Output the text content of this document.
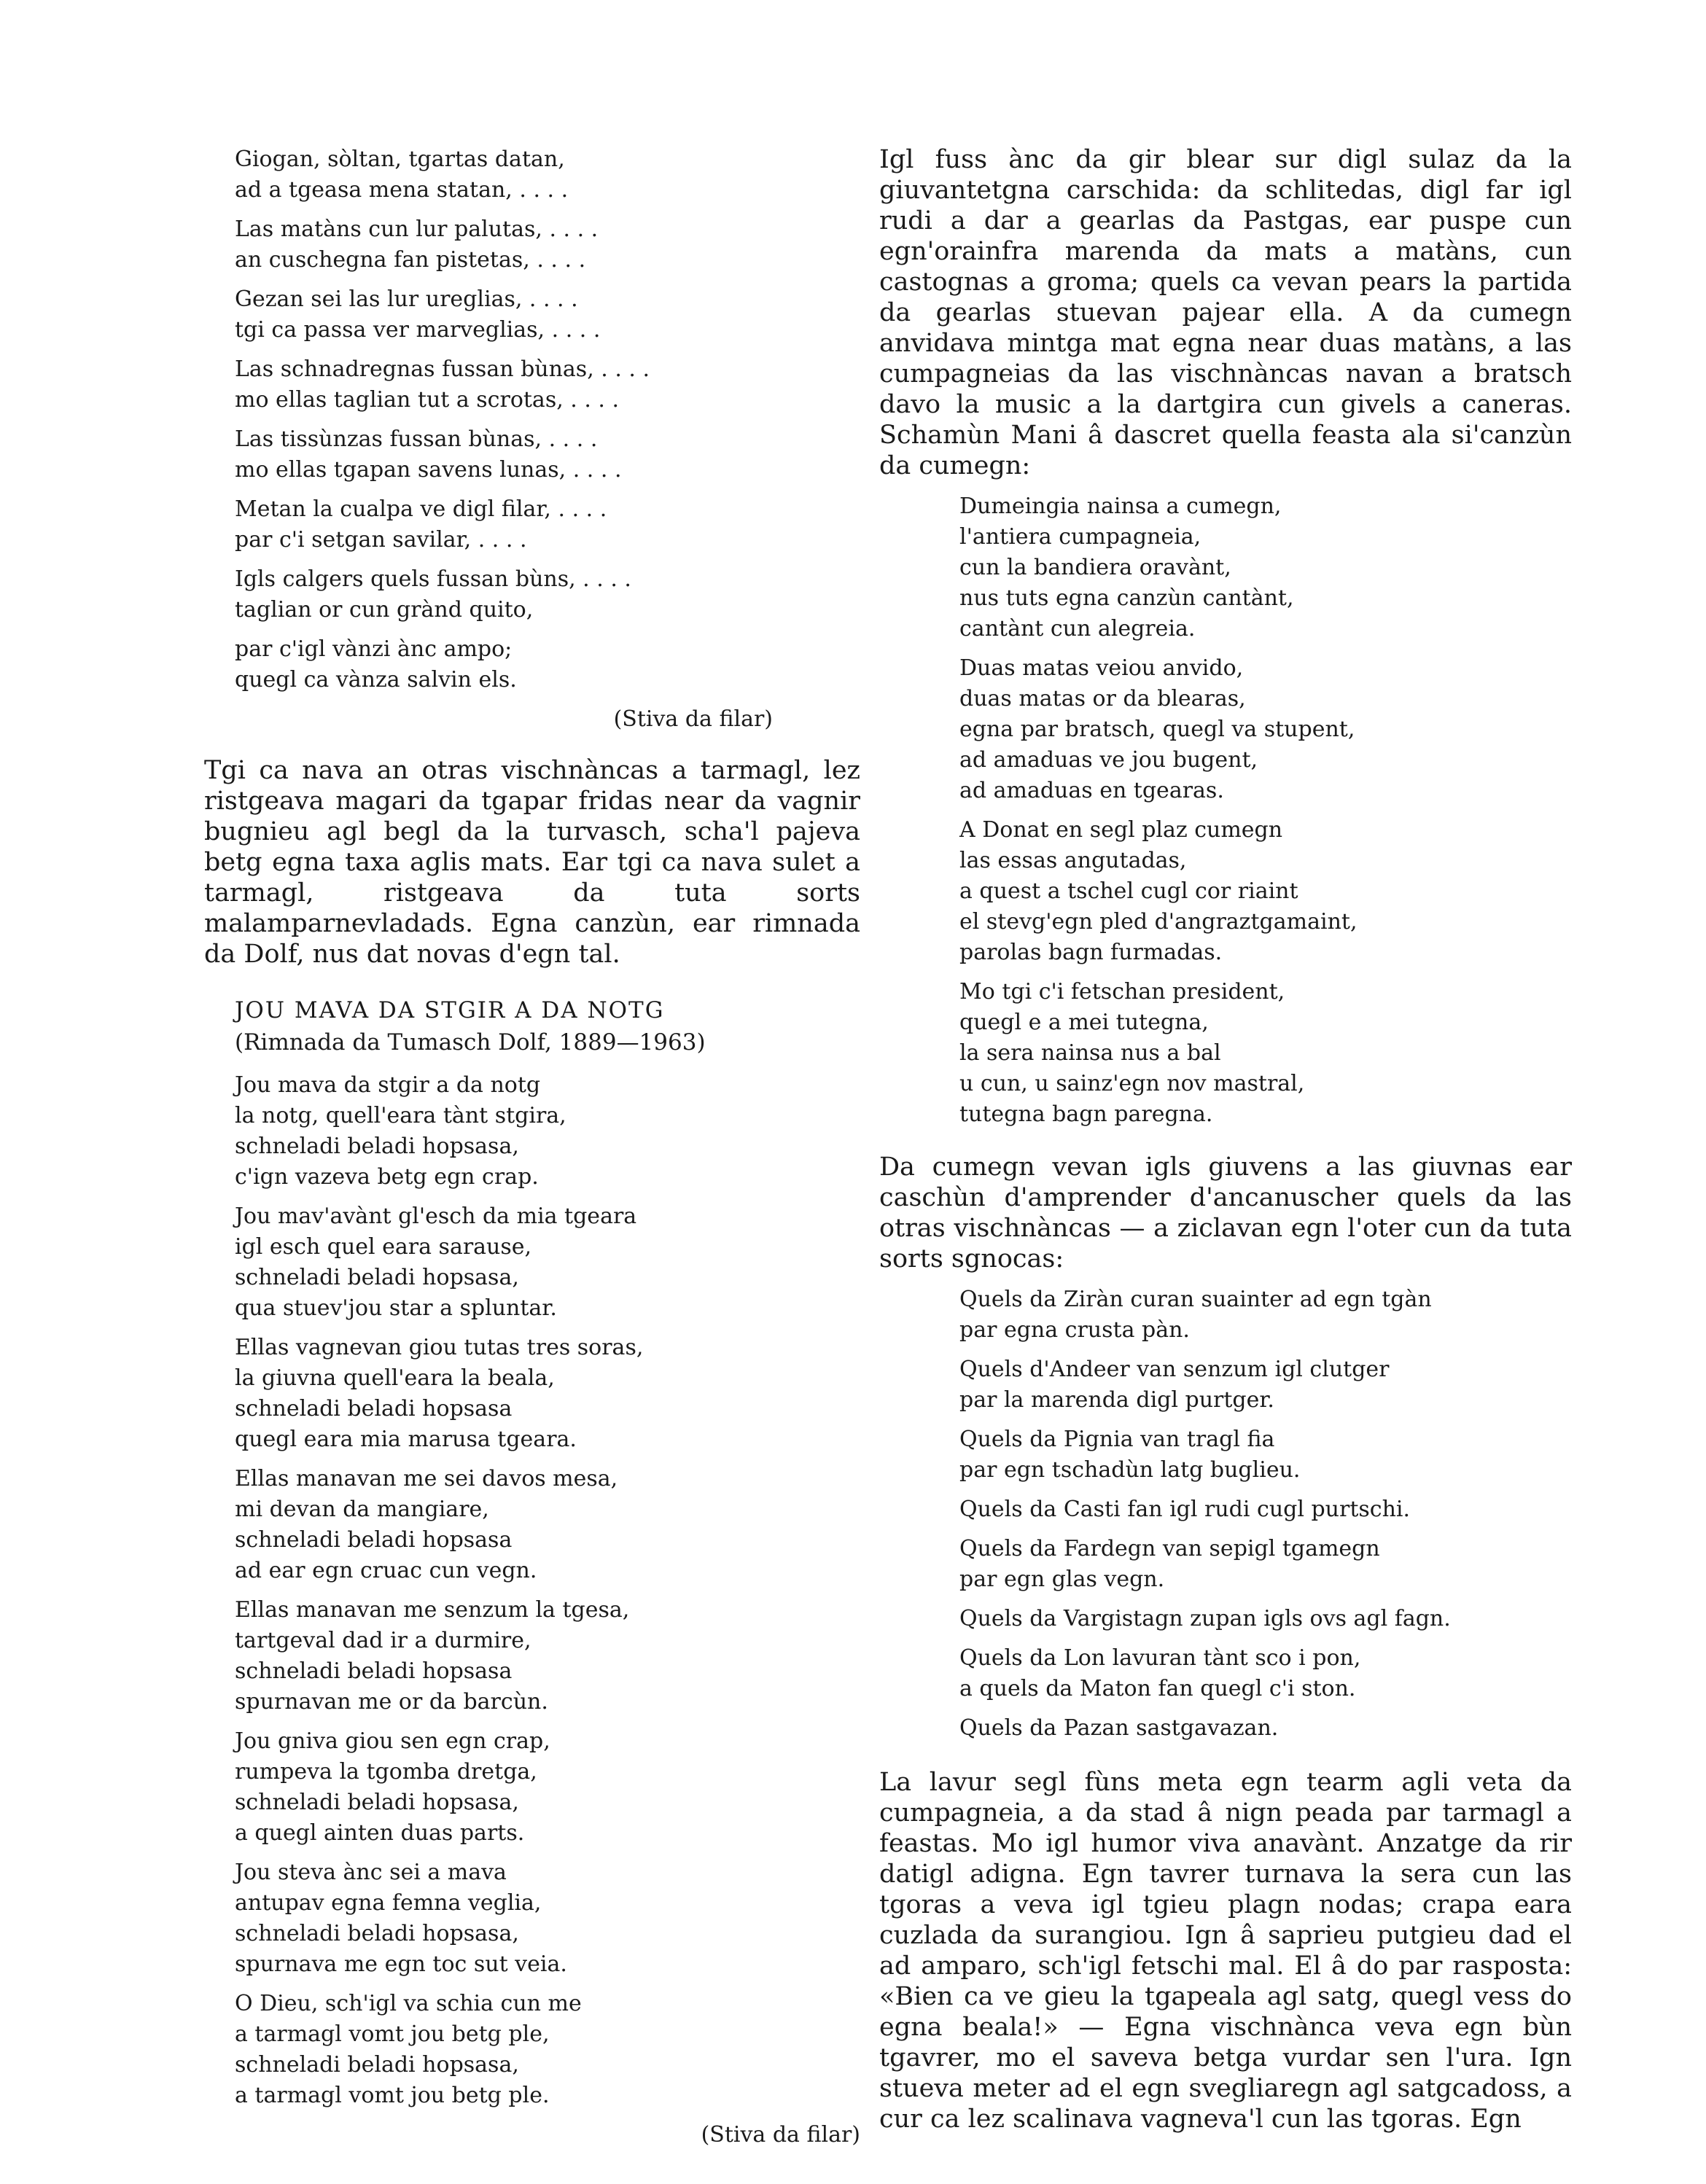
Giogan, sòltan, tgartas datan,
ad a tgeasa mena statan, . . . .
Las matàns cun lur palutas, . . . .
an cuschegna fan pistetas, . . . .
Gezan sei las lur ureglias, . . . .
tgi ca passa ver marveglias, . . . .
Las schnadregnas fussan bùnas, . . . .
mo ellas taglian tut a scrotas, . . . .
Las tissùnzas fussan bùnas, . . . .
mo ellas tgapan savens lunas, . . . .
Metan la cualpa ve digl filar, . . . .
par c'i setgan savilar, . . . .
Igls calgers quels fussan bùns, . . . .
taglian or cun grànd quito,
par c'igl vànzi ànc ampo;
quegl ca vànza salvin els.
(Stiva da filar)

Tgi ca nava an otras vischnàncas a tarmagl, lez ristgeava magari da tgapar fridas near da vagnir bugnieu agl begl da la turvasch, scha'l pajeva betg egna taxa aglis mats. Ear tgi ca nava sulet a tarmagl, ristgeava da tuta sorts malamparnevladads. Egna canzùn, ear rimnada da Dolf, nus dat novas d'egn tal.

JOU MAVA DA STGIR A DA NOTG
(Rimnada da Tumasch Dolf, 1889—1963)
Jou mava da stgir a da notg
la notg, quell'eara tànt stgira,
schneladi beladi hopsasa,
c'ign vazeva betg egn crap.
Jou mav'avànt gl'esch da mia tgeara
igl esch quel eara sarause,
schneladi beladi hopsasa,
qua stuev'jou star a spluntar.
Ellas vagnevan giou tutas tres soras,
la giuvna quell'eara la beala,
schneladi beladi hopsasa
quegl eara mia marusa tgeara.
Ellas manavan me sei davos mesa,
mi devan da mangiare,
schneladi beladi hopsasa
ad ear egn cruac cun vegn.
Ellas manavan me senzum la tgesa,
tartgeval dad ir a durmire,
schneladi beladi hopsasa
spurnavan me or da barcùn.
Jou gniva giou sen egn crap,
rumpeva la tgomba dretga,
schneladi beladi hopsasa,
a quegl ainten duas parts.
Jou steva ànc sei a mava
antupav egna femna veglia,
schneladi beladi hopsasa,
spurnava me egn toc sut veia.
O Dieu, sch'igl va schia cun me
a tarmagl vomt jou betg ple,
schneladi beladi hopsasa,
a tarmagl vomt jou betg ple.
(Stiva da filar)

Igl fuss ànc da gir blear sur digl sulaz da la giuvantetgna carschida: da schlitedas, digl far igl rudi a dar a gearlas da Pastgas, ear puspe cun egn'orainfra marenda da mats a matàns, cun castognas a groma; quels ca vevan pears la partida da gearlas stuevan pajear ella. A da cumegn anvidava mintga mat egna near duas matàns, a las cumpagneias da las vischnàncas navan a bratsch davo la music a la dartgira cun givels a caneras. Schamùn Mani â dascret quella feasta ala si'canzùn da cumegn:

Dumeingia nainsa a cumegn,
l'antiera cumpagneia,
cun la bandiera oravànt,
nus tuts egna canzùn cantànt,
cantànt cun alegreia.
Duas matas veiou anvido,
duas matas or da blearas,
egna par bratsch, quegl va stupent,
ad amaduas ve jou bugent,
ad amaduas en tgearas.
A Donat en segl plaz cumegn
las essas angutadas,
a quest a tschel cugl cor riaint
el stevg'egn pled d'angraztgamaint,
parolas bagn furmadas.
Mo tgi c'i fetschan president,
quegl e a mei tutegna,
la sera nainsa nus a bal
u cun, u sainz'egn nov mastral,
tutegna bagn paregna.

Da cumegn vevan igls giuvens a las giuvnas ear caschùn d'amprender d'ancanuscher quels da las otras vischnàncas — a ziclavan egn l'oter cun da tuta sorts sgnocas:

Quels da Ziràn curan suainter ad egn tgàn
par egna crusta pàn.
Quels d'Andeer van senzum igl clutger
par la marenda digl purtger.
Quels da Pignia van tragl fia
par egn tschadùn latg buglieu.
Quels da Casti fan igl rudi cugl purtschi.
Quels da Fardegn van sepigl tgamegn
par egn glas vegn.
Quels da Vargistagn zupan igls ovs agl fagn.
Quels da Lon lavuran tànt sco i pon,
a quels da Maton fan quegl c'i ston.
Quels da Pazan sastgavazan.

La lavur segl fùns meta egn tearm agli veta da cumpagneia, a da stad â nign peada par tarmagl a feastas. Mo igl humor viva anavànt. Anzatge da rir datigl adigna. Egn tavrer turnava la sera cun las tgoras a veva igl tgieu plagn nodas; crapa eara cuzlada da surangiou. Ign â saprieu putgieu dad el ad amparo, sch'igl fetschi mal. El â do par rasposta: «Bien ca ve gieu la tgapeala agl satg, quegl vess do egna beala!» — Egna vischnànca veva egn bùn tgavrer, mo el saveva betga vurdar sen l'ura. Ign stueva meter ad el egn svegliaregn agl satgcadoss, a cur ca lez scalinava vagneva'l cun las tgoras. Egn
